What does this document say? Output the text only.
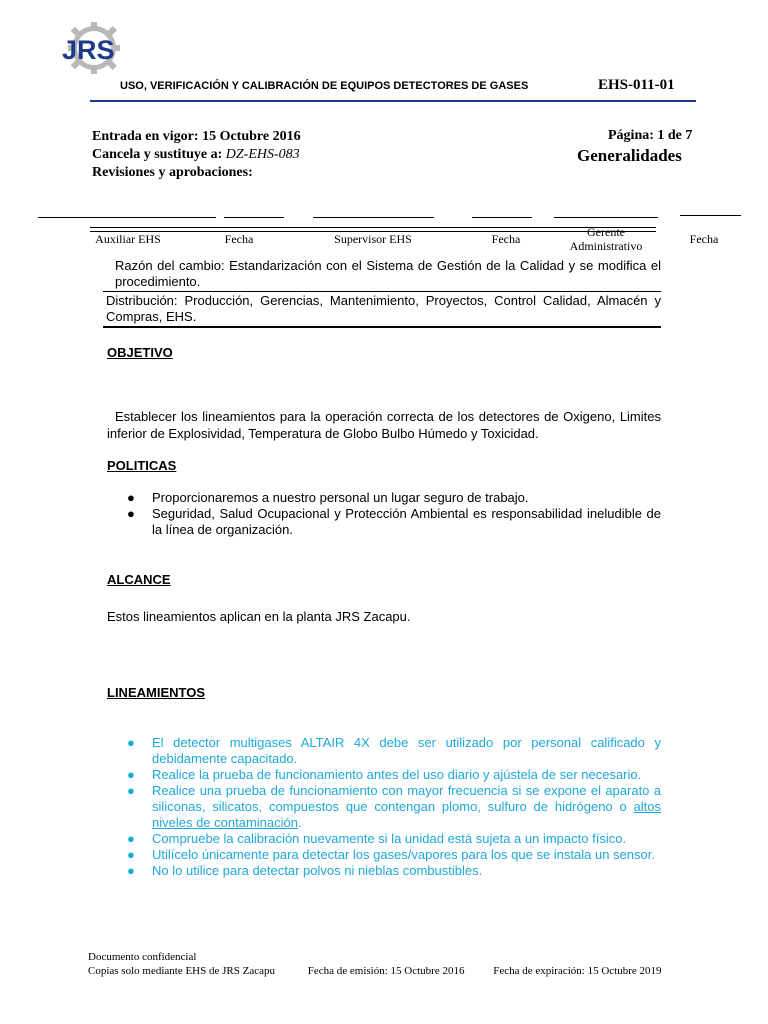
JRS
USO, VERIFICACIÓN Y CALIBRACIÓN DE EQUIPOS DETECTORES DE GASES	EHS-011-01
Entrada en vigor: 15 Octubre 2016
Cancela y sustituye a: DZ-EHS-083
Revisiones y aprobaciones:
Página: 1 de 7
Generalidades
Auxiliar EHS	Fecha	Supervisor EHS	Fecha	Gerente Administrativo	Fecha
Razón del cambio: Estandarización con el Sistema de Gestión de la Calidad y se modifica el procedimiento.
Distribución: Producción, Gerencias, Mantenimiento, Proyectos, Control Calidad, Almacén y Compras, EHS.
OBJETIVO
Establecer los lineamientos para la operación correcta de los detectores de Oxigeno, Limites inferior de Explosividad, Temperatura de Globo Bulbo Húmedo y Toxicidad.
POLITICAS
● Proporcionaremos a nuestro personal un lugar seguro de trabajo.
● Seguridad, Salud Ocupacional y Protección Ambiental es responsabilidad ineludible de la línea de organización.
ALCANCE
Estos lineamientos aplican en la planta JRS Zacapu.
LINEAMIENTOS
● El detector multigases ALTAIR 4X debe ser utilizado por personal calificado y debidamente capacitado.
● Realice la prueba de funcionamiento antes del uso diario y ajústela de ser necesario.
● Realice una prueba de funcionamiento con mayor frecuencia si se expone el aparato a siliconas, silicatos, compuestos que contengan plomo, sulfuro de hidrógeno o altos niveles de contaminación.
● Compruebe la calibración nuevamente si la unidad está sujeta a un impacto físico.
● Utilícelo únicamente para detectar los gases/vapores para los que se instala un sensor.
● No lo utilice para detectar polvos ni nieblas combustibles.
Documento confidencial
Copias solo mediante EHS de JRS Zacapu	Fecha de emisión: 15 Octubre 2016	Fecha de expiración: 15 Octubre 2019
